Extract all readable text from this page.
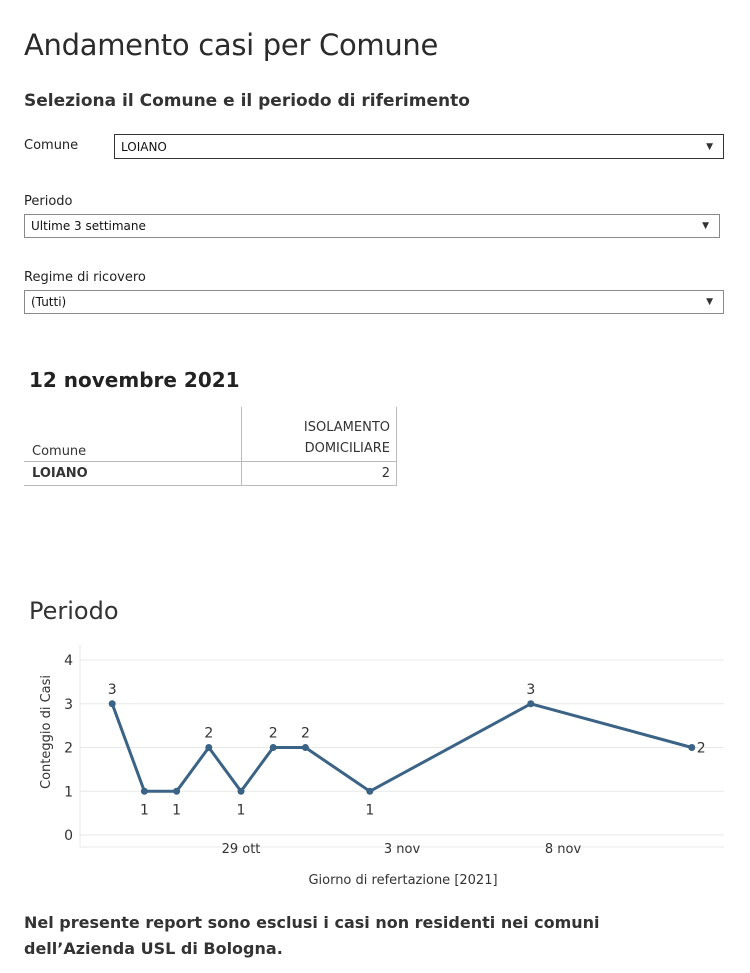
Andamento casi per Comune
Seleziona il Comune e il periodo di riferimento
Comune	LOIANO	▼
Periodo
Ultime 3 settimane	▼
Regime di ricovero
(Tutti)	▼
12 novembre 2021
Comune	ISOLAMENTO
DOMICILIARE

LOIANO	2
Periodo
0
1
2
3
4
29 ott	3 nov	8 nov
3
1 1
2
1
2 2
1
3
2
Conteggio di Casi
Giorno di refertazione [2021]
Nel presente report sono esclusi i casi non residenti nei comuni
dell’Azienda USL di Bologna.
